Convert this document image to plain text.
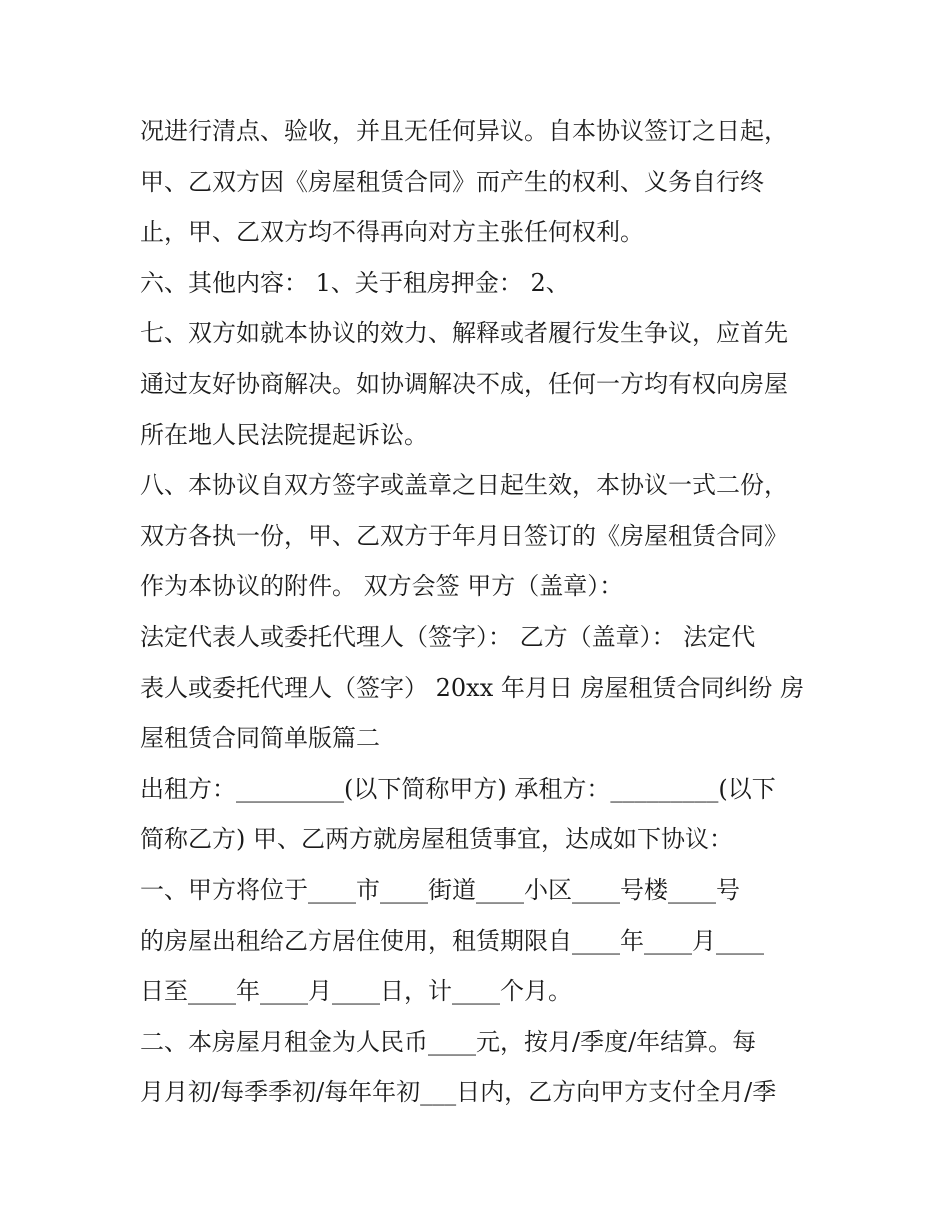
况进行清点、验收，并且无任何异议。自本协议签订之日起，
甲、乙双方因《房屋租赁合同》而产生的权利、义务自行终
止，甲、乙双方均不得再向对方主张任何权利。
六、其他内容： 1、关于租房押金： 2、
七、双方如就本协议的效力、解释或者履行发生争议，应首先
通过友好协商解决。如协调解决不成，任何一方均有权向房屋
所在地人民法院提起诉讼。
八、本协议自双方签字或盖章之日起生效，本协议一式二份，
双方各执一份，甲、乙双方于年月日签订的《房屋租赁合同》
作为本协议的附件。 双方会签 甲方（盖章）：
法定代表人或委托代理人（签字）： 乙方（盖章）： 法定代
表人或委托代理人（签字） 20xx 年月日 房屋租赁合同纠纷 房
屋租赁合同简单版篇二
出租方：_________(以下简称甲方) 承租方：_________(以下
简称乙方) 甲、乙两方就房屋租赁事宜，达成如下协议：
一、甲方将位于____市____街道____小区____号楼____号
的房屋出租给乙方居住使用，租赁期限自____年____月____
日至____年____月____日，计____个月。
二、本房屋月租金为人民币____元，按月/季度/年结算。每
月月初/每季季初/每年年初___日内，乙方向甲方支付全月/季
